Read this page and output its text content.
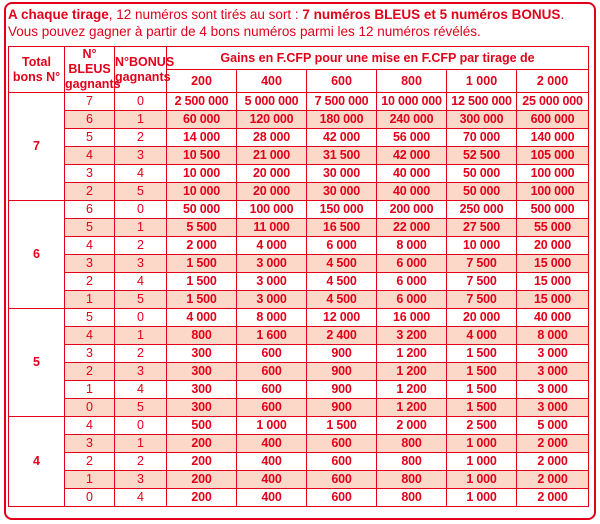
A chaque tirage, 12 numéros sont tirés au sort : 7 numéros BLEUS et 5 numéros BONUS.

Vous pouvez gagner à partir de 4 bons numéros parmi les 12 numéros révélés.

Total bons N°	N° BLEUS gagnants	N°BONUS gagnants	Gains en F.CFP pour une mise en F.CFP par tirage de					
			200	400	600	800	1 000	2 000
7	7	0	2 500 000	5 000 000	7 500 000	10 000 000	12 500 000	25 000 000
	6	1	60 000	120 000	180 000	240 000	300 000	600 000
	5	2	14 000	28 000	42 000	56 000	70 000	140 000
	4	3	10 500	21 000	31 500	42 000	52 500	105 000
	3	4	10 000	20 000	30 000	40 000	50 000	100 000
	2	5	10 000	20 000	30 000	40 000	50 000	100 000
6	6	0	50 000	100 000	150 000	200 000	250 000	500 000
	5	1	5 500	11 000	16 500	22 000	27 500	55 000
	4	2	2 000	4 000	6 000	8 000	10 000	20 000
	3	3	1 500	3 000	4 500	6 000	7 500	15 000
	2	4	1 500	3 000	4 500	6 000	7 500	15 000
	1	5	1 500	3 000	4 500	6 000	7 500	15 000
5	5	0	4 000	8 000	12 000	16 000	20 000	40 000
	4	1	800	1 600	2 400	3 200	4 000	8 000
	3	2	300	600	900	1 200	1 500	3 000
	2	3	300	600	900	1 200	1 500	3 000
	1	4	300	600	900	1 200	1 500	3 000
	0	5	300	600	900	1 200	1 500	3 000
4	4	0	500	1 000	1 500	2 000	2 500	5 000
	3	1	200	400	600	800	1 000	2 000
	2	2	200	400	600	800	1 000	2 000
	1	3	200	400	600	800	1 000	2 000
	0	4	200	400	600	800	1 000	2 000
